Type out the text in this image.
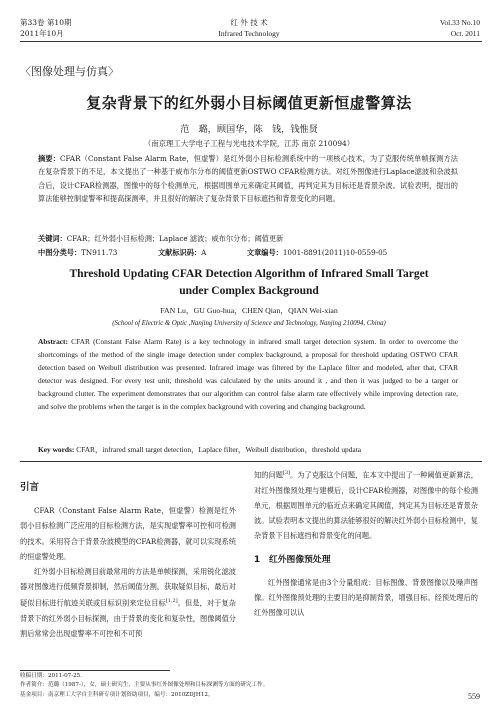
第33卷 第10期
2011年10月
红 外 技 术
Infrared Technology
Vol.33 No.10
Oct. 2011
〈图像处理与仿真〉
复杂背景下的红外弱小目标阈值更新恒虚警算法
范　璐，顾国华，陈　钱，钱惟贤
（南京理工大学电子工程与光电技术学院，江苏 南京 210094）
摘要：CFAR（Constant False Alarm Rate，恒虚警）是红外弱小目标检测系统中的一项核心技术，为了克服传统单帧探测方法在复杂背景下的不足，本文提出了一种基于威布尔分布的阈值更新OSTWO CFAR检测方法。对红外图像进行Laplace滤波和杂波拟合后，设计CFAR检测器，图像中的每个检测单元，根据周围单元来确定其阈值，再判定其为目标还是背景杂波。试验表明，提出的算法能够控制虚警率和提高探测率，并且很好的解决了复杂背景下目标遮挡和背景变化的问题。
关键词：CFAR；红外弱小目标检测；Laplace 滤波；威布尔分布；阈值更新
中图分类号：TN911.73	文献标识码：A	文章编号：1001-8891(2011)10-0559-05
Threshold Updating CFAR Detection Algorithm of Infrared Small Target
under Complex Background
FAN Lu，GU Guo-hua，CHEN Qian，QIAN Wei-xian
(School of Electric & Optic ,Nanjing University of Science and Technology, Nanjing 210094, China)
Abstract: CFAR (Constant False Alarm Rate) is a key technology in infrared small target detection system. In order to overcome the shortcomings of the method of the single image detection under complex background, a proposal for threshold updating OSTWO CFAR detection based on Weibull distribution was presented. Infrared image was filtered by the Laplace filter and modeled, after that, CFAR detector was designed. For every test unit, threshold was calculated by the units around it , and then it was judged to be a target or background clutter. The experiment demonstrates that our algorithm can control false alarm rate effectively while improving detection rate, and solve the problems when the target is in the complex background with covering and changing background.
Key words: CFAR，infrared small target detection，Laplace filter，Weibull distribution，threshold updata
引言

CFAR（Constant False Alarm Rate，恒虚警）检测是红外弱小目标检测广泛应用的目标检测方法，是实现虚警率可控和可检测的技术。采用符合于背景杂波模型的CFAR检测器，就可以实现系统的恒虚警处理。

红外弱小目标检测目前最常用的方法是单帧探测，采用锐化滤波器对图像进行低频背景抑制，然后阈值分割，获取疑似目标，最后对疑似目标进行航迹关联或目标识别来定位目标[1,2]。但是，对于复杂背景下的红外弱小目标探测，由于背景的变化和复杂性，图像阈值分割后常常会出现虚警率不可控和不可预

知的问题[3]。为了克服这个问题，在本文中提出了一种阈值更新算法，对红外图像预处理与建模后，设计CFAR检测器，对图像中的每个检测单元，根据周围单元的临近点来确定其阈值，判定其为目标还是背景杂波。试验表明本文提出的算法能够很好的解决红外弱小目标检测中，复杂背景下目标遮挡和背景变化的问题。

1　 红外图像预处理

红外图像通常是由3个分量组成：目标图像、背景图像以及噪声图像。红外图像预处理的主要目的是抑制背景，增强目标。经预处理后的红外图像可以认

收稿日期：2011-07-25.
作者简介：范璐（1987-），女，硕士研究生，主要从事红外图像处理和目标探测等方面的研究工作。
基金项目：南京理工大学自主科研专项计划资助项目，编号：2010ZDJH12。	559
